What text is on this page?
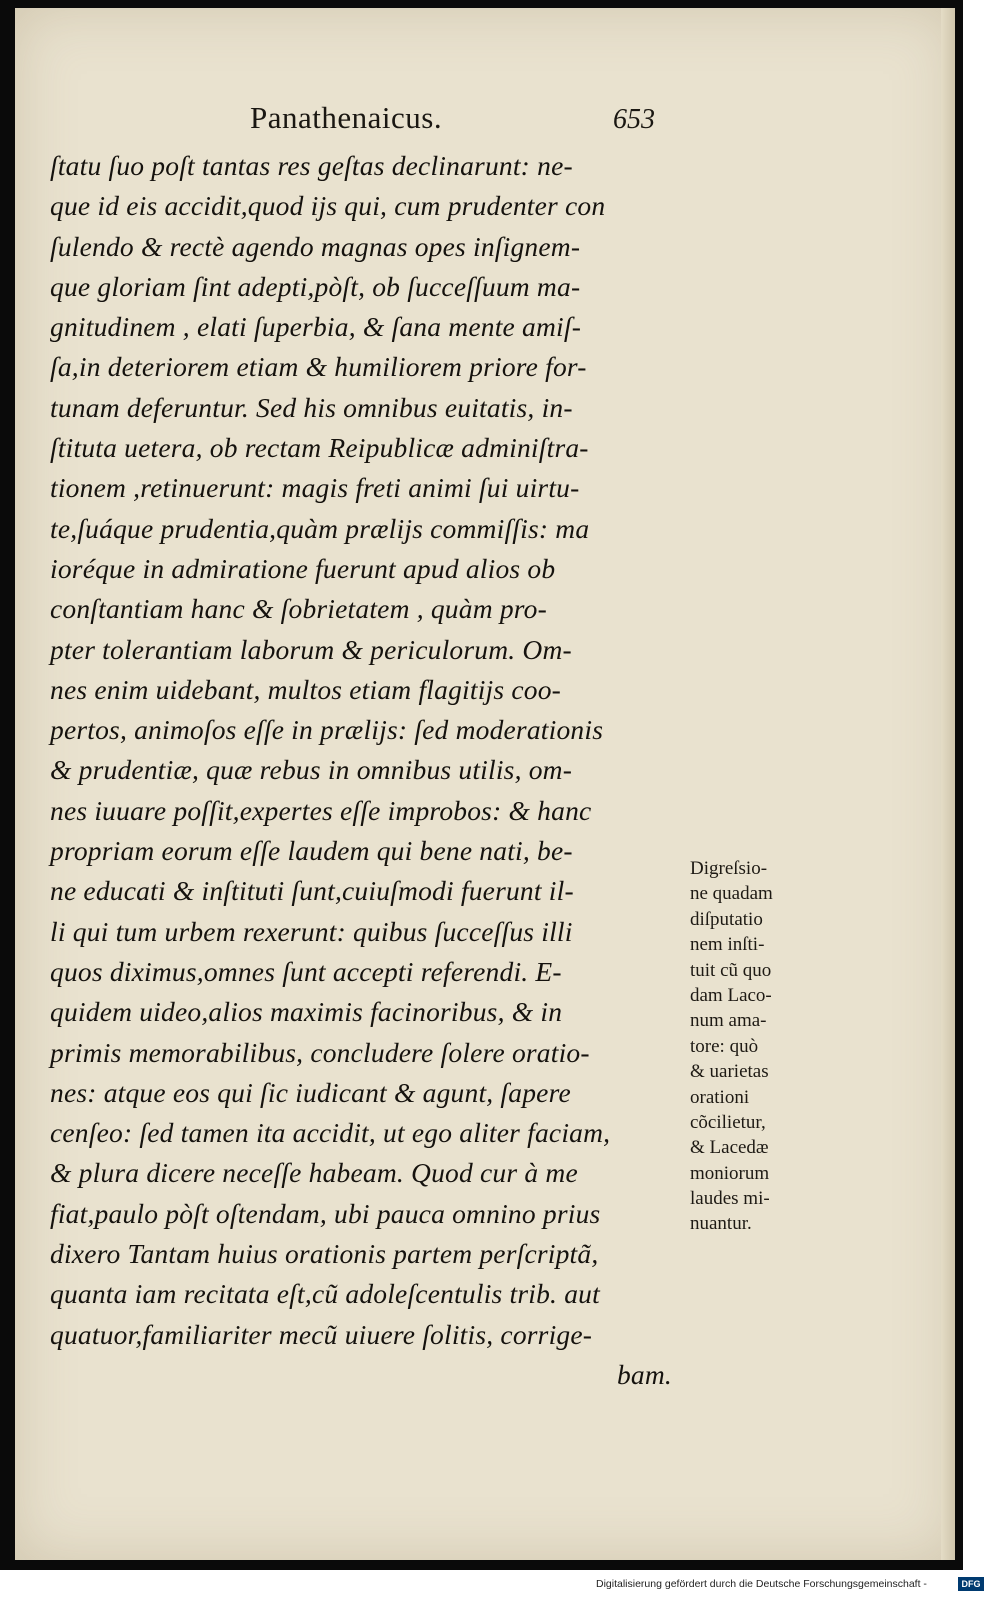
Panathenaicus.	653
ſtatu ſuo poſt tantas res geſtas declinarunt: ne-
que id eis accidit,quod ijs qui, cum prudenter con
ſulendo & rectè agendo magnas opes inſignem-
que gloriam ſint adepti,pòſt, ob ſucceſſuum ma-
gnitudinem , elati ſuperbia, & ſana mente amiſ-
ſa,in deteriorem etiam & humiliorem priore for-
tunam deferuntur. Sed his omnibus euitatis, in-
ſtituta uetera, ob rectam Reipublicæ adminiſtra-
tionem ,retinuerunt: magis freti animi ſui uirtu-
te,ſuáque prudentia,quàm prælijs commiſſis: ma
ioréque in admiratione fuerunt apud alios ob
conſtantiam hanc & ſobrietatem , quàm pro-
pter tolerantiam laborum & periculorum. Om-
nes enim uidebant, multos etiam flagitijs coo-
pertos, animoſos eſſe in prælijs: ſed moderationis
& prudentiæ, quæ rebus in omnibus utilis, om-
nes iuuare poſſit,expertes eſſe improbos: & hanc
propriam eorum eſſe laudem qui bene nati, be-
ne educati & inſtituti ſunt,cuiuſmodi fuerunt il-
li qui tum urbem rexerunt: quibus ſucceſſus illi
quos diximus,omnes ſunt accepti referendi. E-
quidem uideo,alios maximis facinoribus, & in
primis memorabilibus, concludere ſolere oratio-
nes: atque eos qui ſic iudicant & agunt, ſapere
cenſeo: ſed tamen ita accidit, ut ego aliter faciam,
& plura dicere neceſſe habeam. Quod cur à me
fiat,paulo pòſt oſtendam, ubi pauca omnino prius
dixero Tantam huius orationis partem perſcriptã,
quanta iam recitata eſt,cũ adoleſcentulis trib. aut
quatuor,familiariter mecũ uiuere ſolitis, corrige-
bam.
Digreſsio-
ne quadam
diſputatio
nem inſti-
tuit cũ quo
dam Laco-
num ama-
tore: quò
& uarietas
orationi
cõcilietur,
& Lacedæ
moniorum
laudes mi-
nuantur.
Digitalisierung gefördert durch die Deutsche Forschungsgemeinschaft -	DFG
